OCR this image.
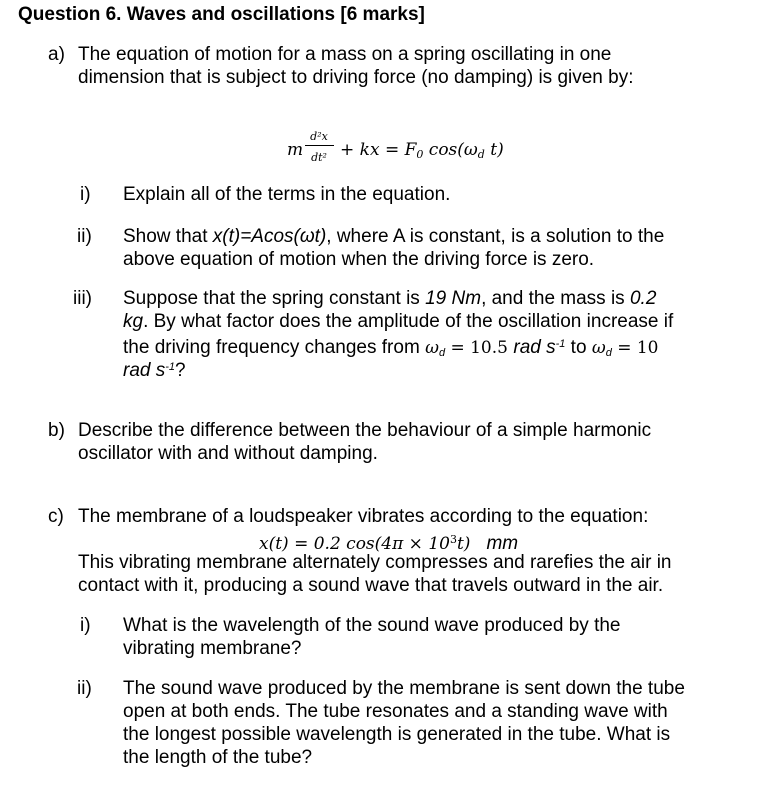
Question 6. Waves and oscillations [6 marks]
a) The equation of motion for a mass on a spring oscillating in one
dimension that is subject to driving force (no damping) is given by:
m
d²x
dt² + kx = $F_0$ $\cos(\omega_d$ t)
i) Explain all of the terms in the equation.
ii) Show that x(t)=Acos(ωt), where A is constant, is a solution to the
above equation of motion when the driving force is zero.
iii) Suppose that the spring constant is 19 Nm, and the mass is 0.2
kg. By what factor does the amplitude of the oscillation increase if
the driving frequency changes from $\omega_d = 10.5$ rad $s^{-1}$ to $\omega_d = 10$
rad $s^{-1}$?
b) Describe the difference between the behaviour of a simple harmonic
oscillator with and without damping.
c) The membrane of a loudspeaker vibrates according to the equation:
x(t) = 0.2 $\cos(4\pi \times 10^3t)$ mm
This vibrating membrane alternately compresses and rarefies the air in
contact with it, producing a sound wave that travels outward in the air.
i) What is the wavelength of the sound wave produced by the
vibrating membrane?
ii) The sound wave produced by the membrane is sent down the tube
open at both ends. The tube resonates and a standing wave with
the longest possible wavelength is generated in the tube. What is
the length of the tube?
